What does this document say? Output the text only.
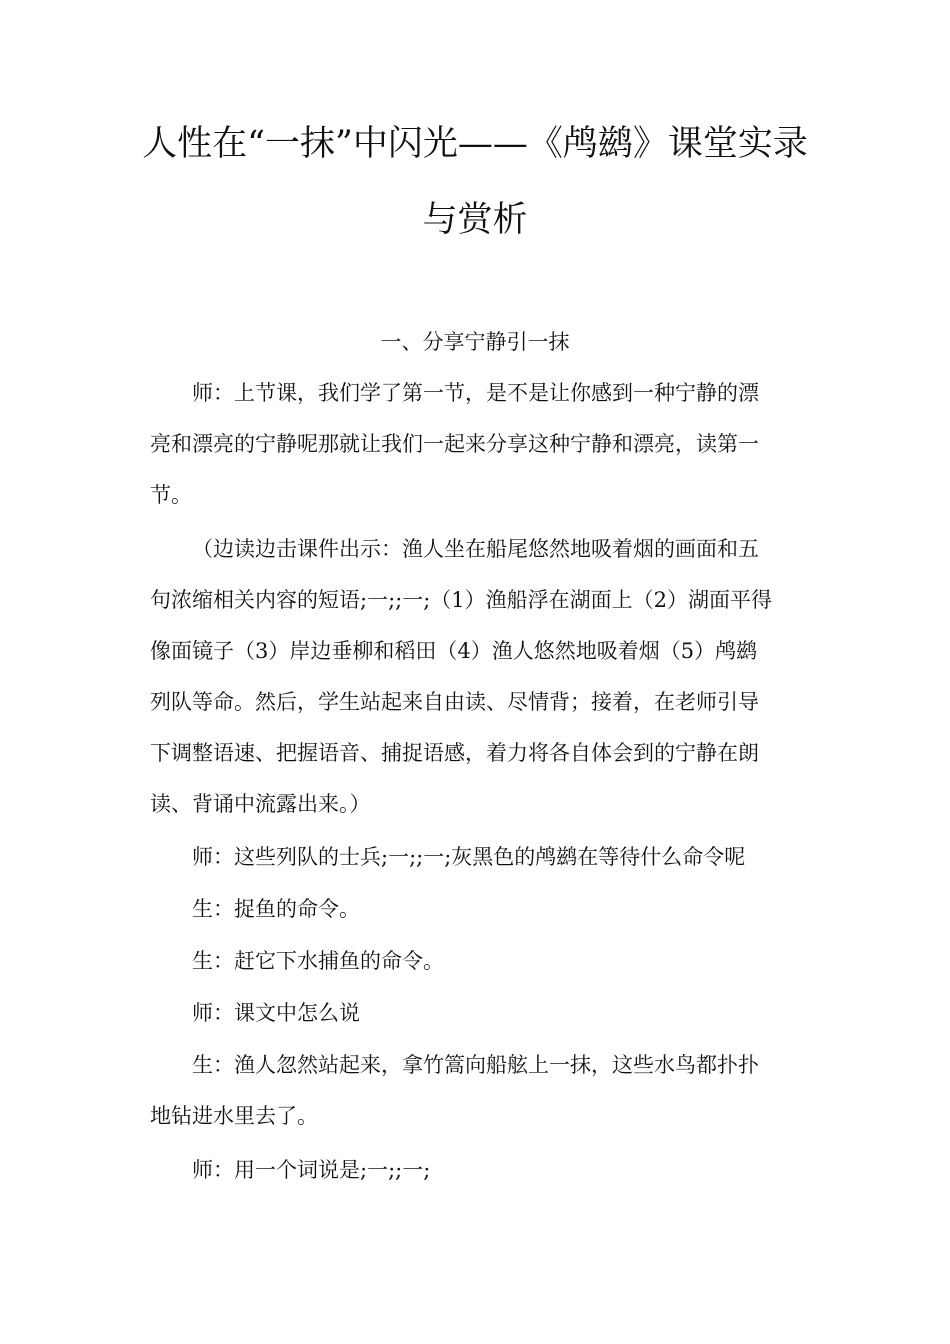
人性在“一抹”中闪光——《鸬鹚》课堂实录
与赏析
一、分享宁静引一抹
师：上节课，我们学了第一节，是不是让你感到一种宁静的漂
亮和漂亮的宁静呢那就让我们一起来分享这种宁静和漂亮，读第一
节。
（边读边击课件出示：渔人坐在船尾悠然地吸着烟的画面和五
句浓缩相关内容的短语;一;;一;（1）渔船浮在湖面上（2）湖面平得
像面镜子（3）岸边垂柳和稻田（4）渔人悠然地吸着烟（5）鸬鹚
列队等命。然后，学生站起来自由读、尽情背；接着，在老师引导
下调整语速、把握语音、捕捉语感，着力将各自体会到的宁静在朗
读、背诵中流露出来。）
师：这些列队的士兵;一;;一;灰黑色的鸬鹚在等待什么命令呢
生：捉鱼的命令。
生：赶它下水捕鱼的命令。
师：课文中怎么说
生：渔人忽然站起来，拿竹篙向船舷上一抹，这些水鸟都扑扑
地钻进水里去了。
师：用一个词说是;一;;一;
